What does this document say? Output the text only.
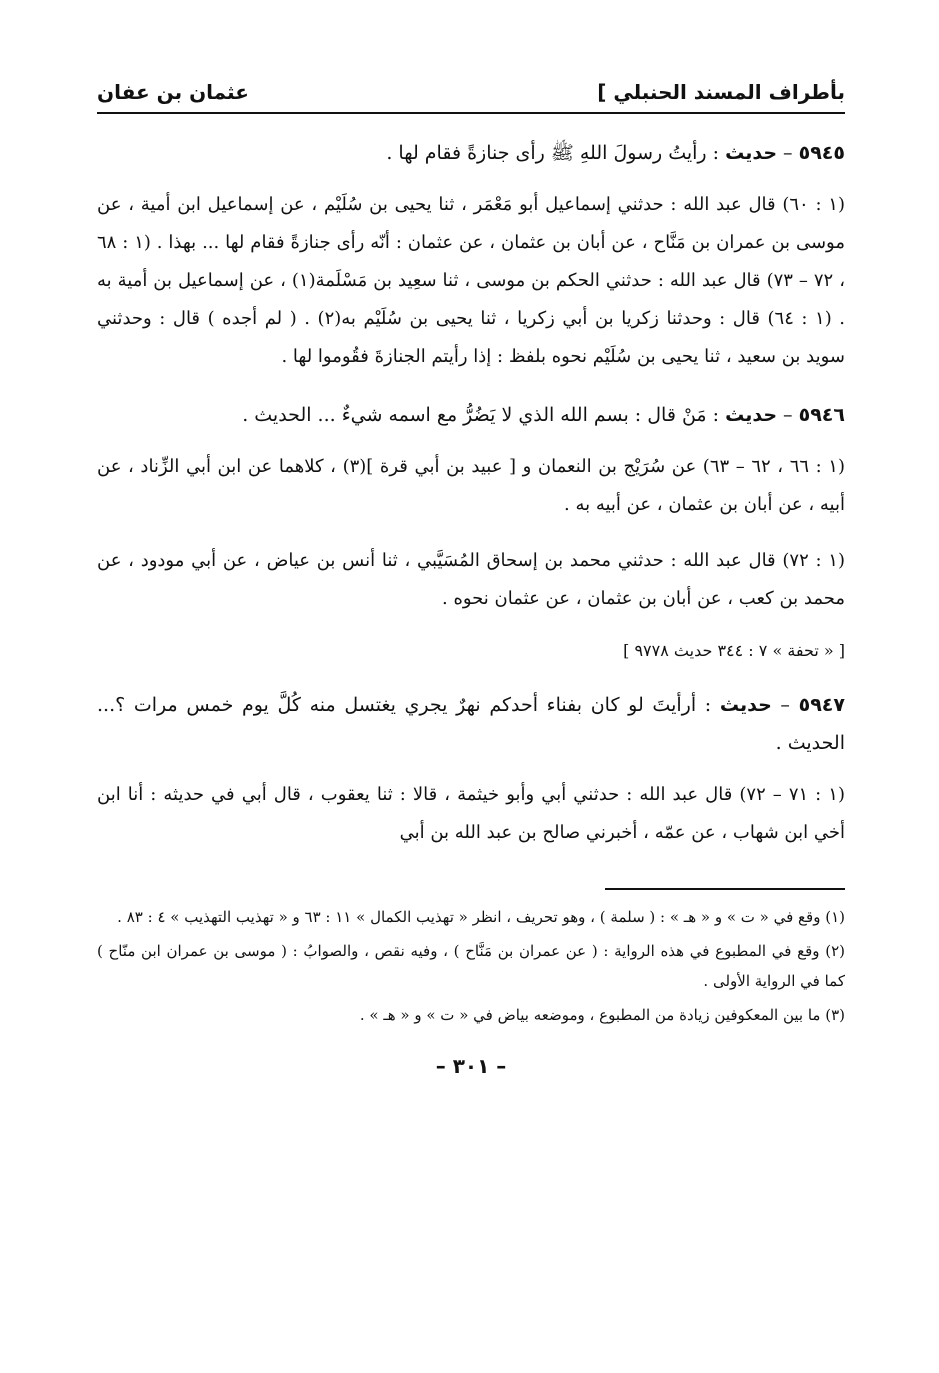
بأطراف المسند الحنبلي ]
عثمان بن عفان
٥٩٤٥ – حديث : رأيتُ رسولَ اللهِ ﷺ رأى جنازةً فقام لها .

(١ : ٦٠) قال عبد الله : حدثني إسماعيل أبو مَعْمَر ، ثنا يحيى بن سُلَيْم ، عن إسماعيل ابن أمية ، عن موسى بن عمران بن مَنَّاح ، عن أبان بن عثمان ، عن عثمان : أنّه رأى جنازةً فقام لها ... بهذا . (١ : ٦٨ ، ٧٢ – ٧٣) قال عبد الله : حدثني الحكم بن موسى ، ثنا سعِيد بن مَسْلَمة(١) ، عن إسماعيل بن أمية به . (١ : ٦٤) قال : وحدثنا زكريا بن أبي زكريا ، ثنا يحيى بن سُلَيْم به(٢) . ( لم أجده ) قال : وحدثني سويد بن سعيد ، ثنا يحيى بن سُلَيْم نحوه بلفظ : إذا رأيتم الجنازةَ فقُوموا لها .

٥٩٤٦ – حديث : مَنْ قال : بسم الله الذي لا يَضُرُّ مع اسمه شيءٌ ... الحديث .

(١ : ٦٦ ، ٦٢ – ٦٣) عن سُرَيْج بن النعمان و [ عبيد بن أبي قرة ](٣) ، كلاهما عن ابن أبي الزِّناد ، عن أبيه ، عن أبان بن عثمان ، عن أبيه به .

(١ : ٧٢) قال عبد الله : حدثني محمد بن إسحاق المُسَيَّبي ، ثنا أنس بن عياض ، عن أبي مودود ، عن محمد بن كعب ، عن أبان بن عثمان ، عن عثمان نحوه .

[ « تحفة » ٧ : ٣٤٤ حديث ٩٧٧٨ ]
٥٩٤٧ – حديث : أرأيتَ لو كان بفناء أحدكم نهرٌ يجري يغتسل منه كُلَّ يوم خمس مرات ؟... الحديث .

(١ : ٧١ – ٧٢) قال عبد الله : حدثني أبي وأبو خيثمة ، قالا : ثنا يعقوب ، قال أبي في حديثه : أنا ابن أخي ابن شهاب ، عن عمّه ، أخبرني صالح بن عبد الله بن أبي

(١) وقع في « ت » و « هـ » : ( سلمة ) ، وهو تحريف ، انظر « تهذيب الكمال » ١١ : ٦٣ و « تهذيب التهذيب » ٤ : ٨٣ .
(٢) وقع في المطبوع في هذه الرواية : ( عن عمران بن مَنَّاح ) ، وفيه نقص ، والصوابُ : ( موسى بن عمران ابن منّاح ) كما في الرواية الأولى .
(٣) ما بين المعكوفين زيادة من المطبوع ، وموضعه بياض في « ت » و « هـ » .
– ٣٠١ –
